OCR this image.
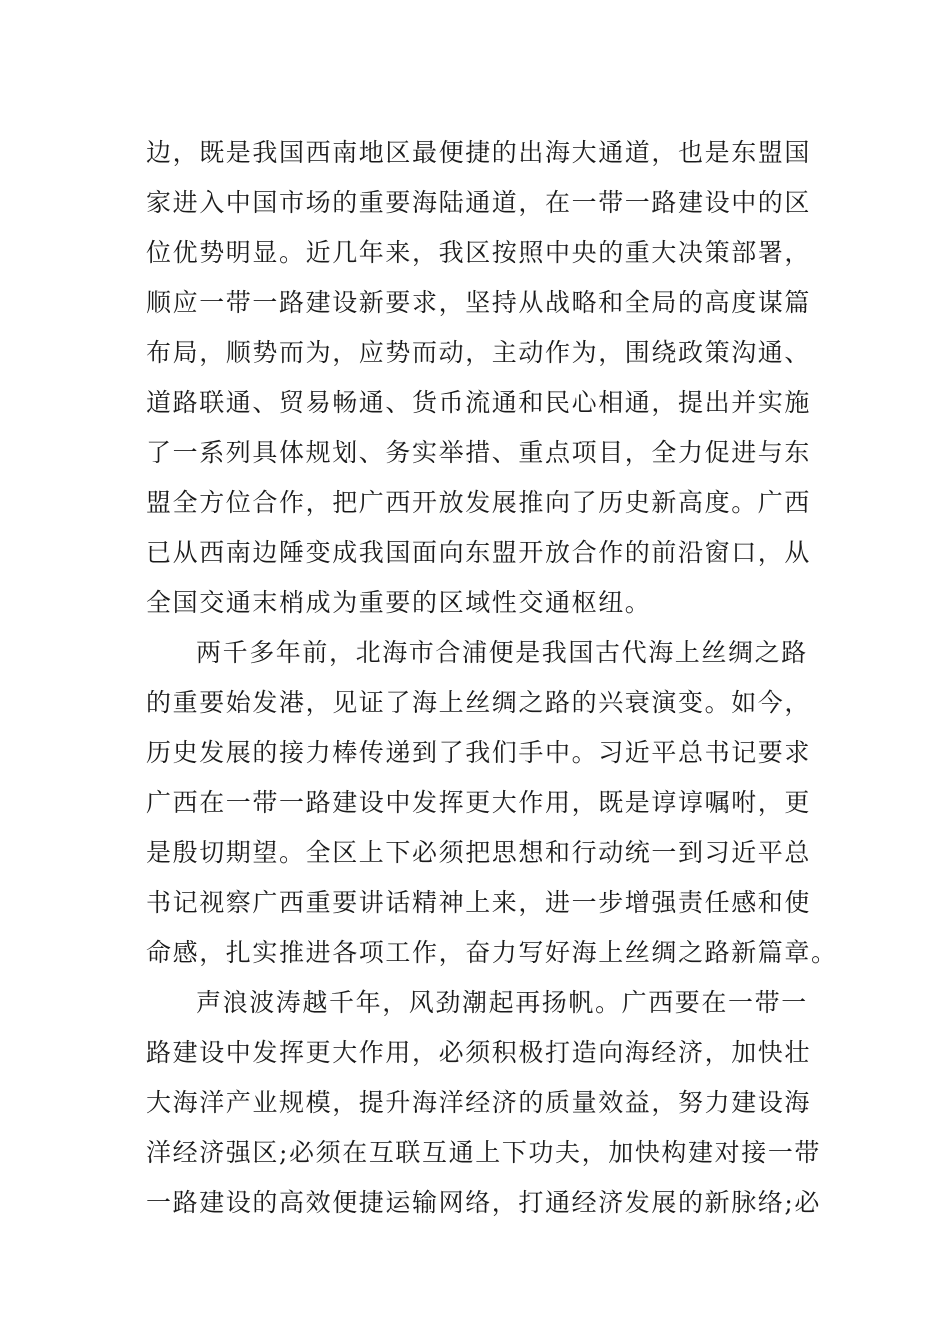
边，既是我国西南地区最便捷的出海大通道，也是东盟国
家进入中国市场的重要海陆通道，在一带一路建设中的区
位优势明显。近几年来，我区按照中央的重大决策部署，
顺应一带一路建设新要求，坚持从战略和全局的高度谋篇
布局，顺势而为，应势而动，主动作为，围绕政策沟通、
道路联通、贸易畅通、货币流通和民心相通，提出并实施
了一系列具体规划、务实举措、重点项目，全力促进与东
盟全方位合作，把广西开放发展推向了历史新高度。广西
已从西南边陲变成我国面向东盟开放合作的前沿窗口，从
全国交通末梢成为重要的区域性交通枢纽。
两千多年前，北海市合浦便是我国古代海上丝绸之路
的重要始发港，见证了海上丝绸之路的兴衰演变。如今，
历史发展的接力棒传递到了我们手中。习近平总书记要求
广西在一带一路建设中发挥更大作用，既是谆谆嘱咐，更
是殷切期望。全区上下必须把思想和行动统一到习近平总
书记视察广西重要讲话精神上来，进一步增强责任感和使
命感，扎实推进各项工作，奋力写好海上丝绸之路新篇章。
声浪波涛越千年，风劲潮起再扬帆。广西要在一带一
路建设中发挥更大作用，必须积极打造向海经济，加快壮
大海洋产业规模，提升海洋经济的质量效益，努力建设海
洋经济强区;必须在互联互通上下功夫，加快构建对接一带
一路建设的高效便捷运输网络，打通经济发展的新脉络;必
